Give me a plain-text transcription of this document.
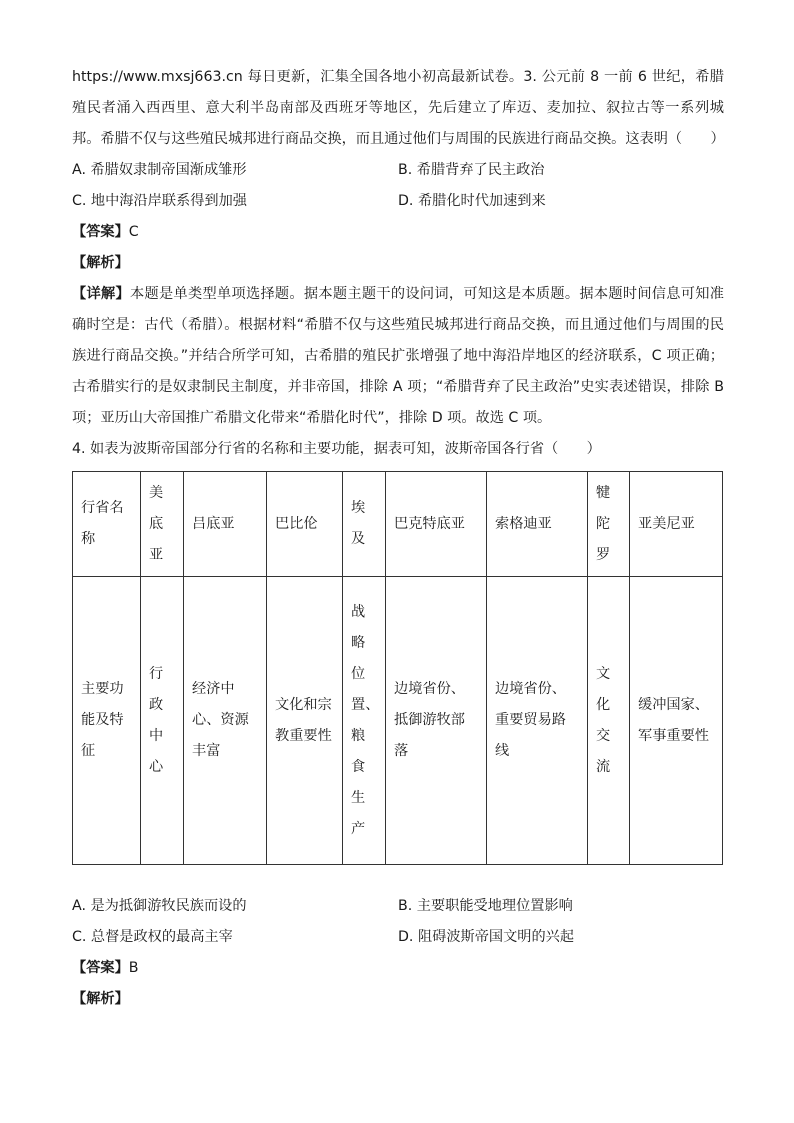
https://www.mxsj663.cn 每日更新，汇集全国各地小初高最新试卷。3. 公元前 8 一前 6 世纪，希腊殖民者涌入西西里、意大利半岛南部及西班牙等地区，先后建立了库迈、麦加拉、叙拉古等一系列城邦。希腊不仅与这些殖民城邦进行商品交换，而且通过他们与周围的民族进行商品交换。这表明（　　）

A. 希腊奴隶制帝国渐成雏形	B. 希腊背弃了民主政治
C. 地中海沿岸联系得到加强	D. 希腊化时代加速到来

【答案】C

【解析】

【详解】本题是单类型单项选择题。据本题主题干的设问词，可知这是本质题。据本题时间信息可知准确时空是：古代（希腊）。根据材料“希腊不仅与这些殖民城邦进行商品交换，而且通过他们与周围的民族进行商品交换。”并结合所学可知，古希腊的殖民扩张增强了地中海沿岸地区的经济联系，C 项正确；古希腊实行的是奴隶制民主制度，并非帝国，排除 A 项；“希腊背弃了民主政治”史实表述错误，排除 B 项；亚历山大帝国推广希腊文化带来“希腊化时代”，排除 D 项。故选 C 项。

4. 如表为波斯帝国部分行省的名称和主要功能，据表可知，波斯帝国各行省（　　）

行省名称	美底亚	吕底亚	巴比伦	埃及	巴克特底亚	索格迪亚	犍陀罗	亚美尼亚
主要功能及特征	行政中心	经济中心、资源丰富	文化和宗教重要性	战略位置、粮食生产	边境省份、抵御游牧部落	边境省份、重要贸易路线	文化交流	缓冲国家、军事重要性
A. 是为抵御游牧民族而设的	B. 主要职能受地理位置影响
C. 总督是政权的最高主宰	D. 阻碍波斯帝国文明的兴起

【答案】B

【解析】
